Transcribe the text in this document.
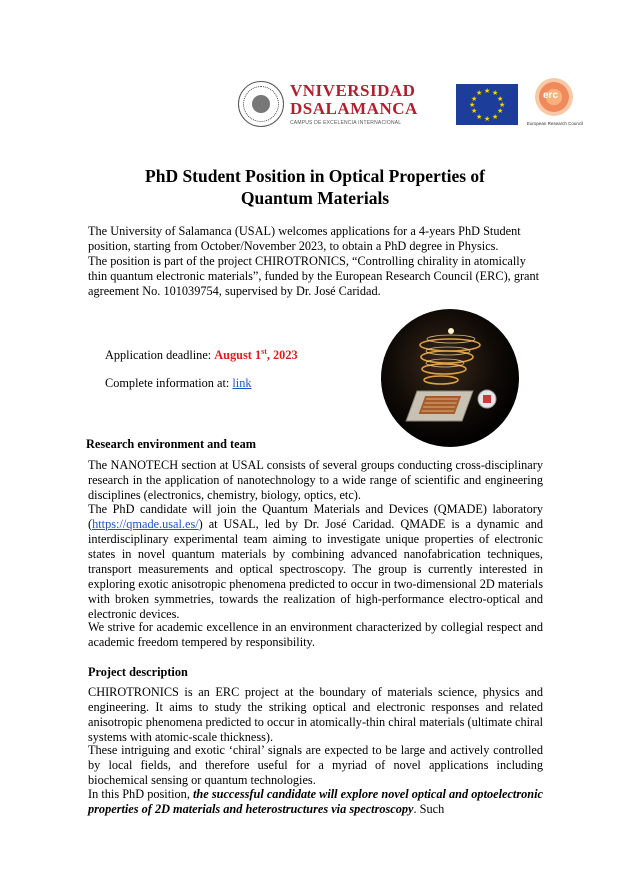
VNIVERSIDAD
DSALAMANCA
CAMPUS DE EXCELENCIA INTERNACIONAL
★ ★
★
★
★
★
★
★
★
★
★
★	erc
European Research Council
PhD Student Position in Optical Properties of
Quantum Materials
The University of Salamanca (USAL) welcomes applications for a 4-years PhD Student position, starting from October/November 2023, to obtain a PhD degree in Physics.
The position is part of the project CHIROTRONICS, “Controlling chirality in atomically thin quantum electronic materials”, funded by the European Research Council (ERC), grant agreement No. 101039754, supervised by Dr. José Caridad.
Application deadline: August 1st, 2023
Complete information at: link
Research environment and team
The NANOTECH section at USAL consists of several groups conducting cross-disciplinary research in the application of nanotechnology to a wide range of scientific and engineering disciplines (electronics, chemistry, biology, optics, etc).
The PhD candidate will join the Quantum Materials and Devices (QMADE) laboratory (https://qmade.usal.es/) at USAL, led by Dr. José Caridad. QMADE is a dynamic and interdisciplinary experimental team aiming to investigate unique properties of electronic states in novel quantum materials by combining advanced nanofabrication techniques, transport measurements and optical spectroscopy. The group is currently interested in exploring exotic anisotropic phenomena predicted to occur in two-dimensional 2D materials with broken symmetries, towards the realization of high-performance electro-optical and electronic devices.
We strive for academic excellence in an environment characterized by collegial respect and academic freedom tempered by responsibility.
Project description
CHIROTRONICS is an ERC project at the boundary of materials science, physics and engineering. It aims to study the striking optical and electronic responses and related anisotropic phenomena predicted to occur in atomically-thin chiral materials (ultimate chiral systems with atomic-scale thickness).
These intriguing and exotic ‘chiral’ signals are expected to be large and actively controlled by local fields, and therefore useful for a myriad of novel applications including biochemical sensing or quantum technologies.
In this PhD position, the successful candidate will explore novel optical and optoelectronic properties of 2D materials and heterostructures via spectroscopy. Such
